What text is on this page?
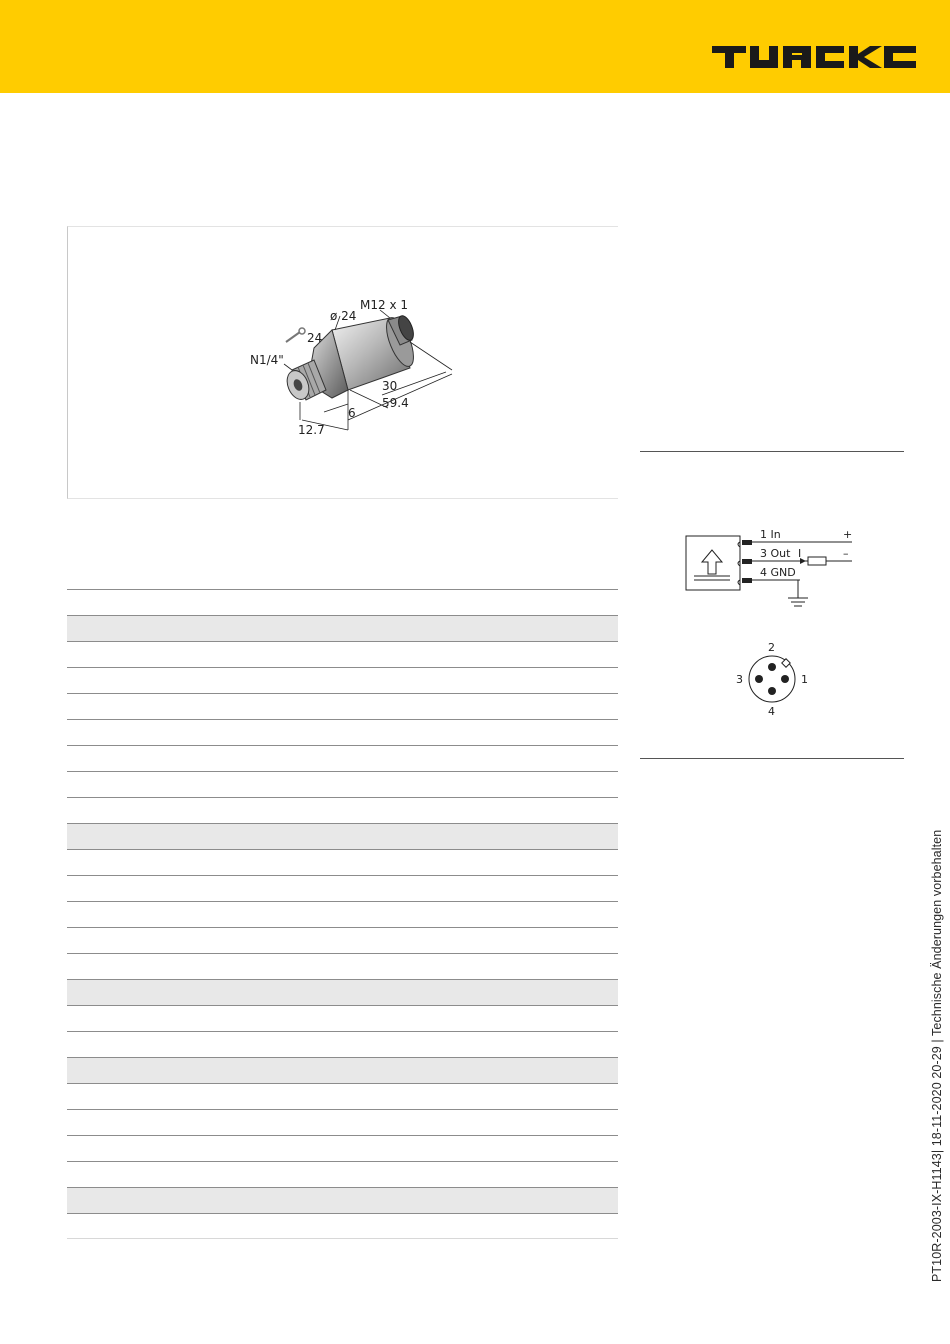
M12 x 1
ø 24
24
N1/4"
30
59.4
6
12.7
1 In
3 Out I
4 GND
+
–
2
1
3
4
PT10R-2003-IX-H1143| 18-11-2020 20-29 | Technische Änderungen vorbehalten
